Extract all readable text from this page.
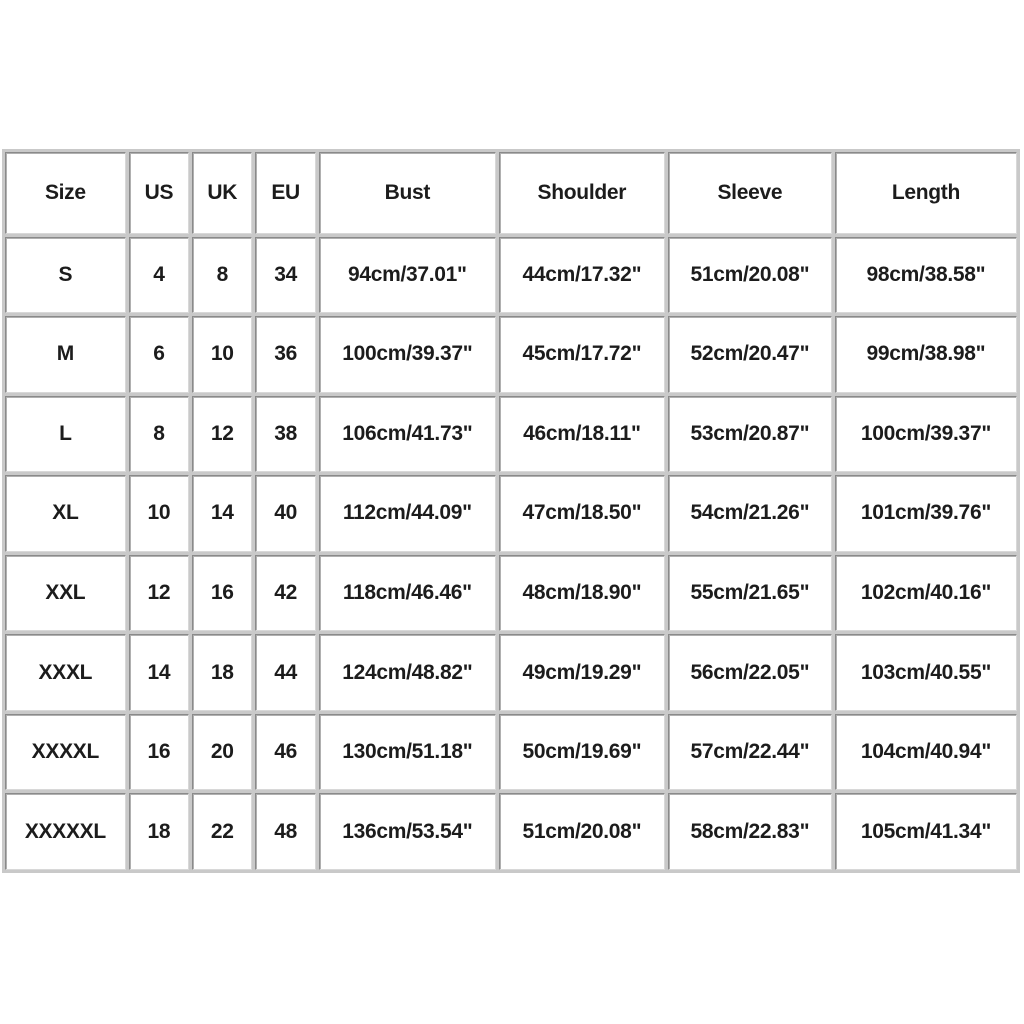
Size	US	UK	EU	Bust	Shoulder	Sleeve	Length
S	4	8	34	94cm/37.01"	44cm/17.32"	51cm/20.08"	98cm/38.58"
M	6	10	36	100cm/39.37"	45cm/17.72"	52cm/20.47"	99cm/38.98"
L	8	12	38	106cm/41.73"	46cm/18.11"	53cm/20.87"	100cm/39.37"
XL	10	14	40	112cm/44.09"	47cm/18.50"	54cm/21.26"	101cm/39.76"
XXL	12	16	42	118cm/46.46"	48cm/18.90"	55cm/21.65"	102cm/40.16"
XXXL	14	18	44	124cm/48.82"	49cm/19.29"	56cm/22.05"	103cm/40.55"
XXXXL	16	20	46	130cm/51.18"	50cm/19.69"	57cm/22.44"	104cm/40.94"
XXXXXL	18	22	48	136cm/53.54"	51cm/20.08"	58cm/22.83"	105cm/41.34"
